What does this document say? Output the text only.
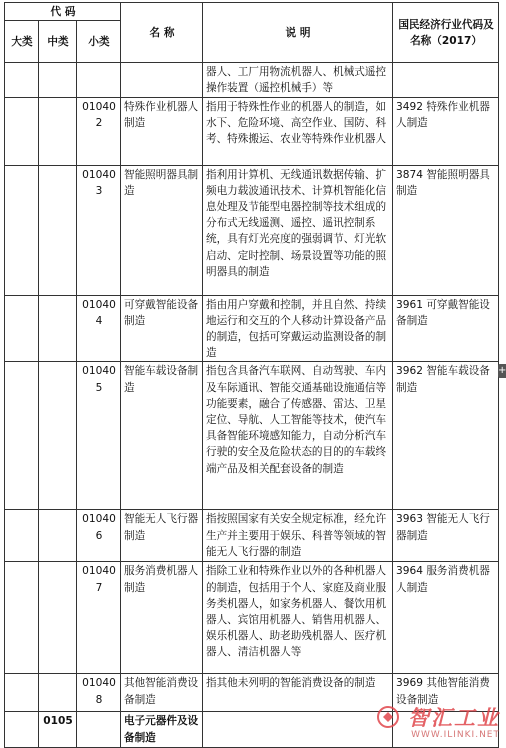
代 码			名 称	说 明	国民经济行业代码及名称（2017）
大类	中类	小类			
				器人、工厂用物流机器人、机械式遥控操作装置（遥控机械手）等	
		010402	特殊作业机器人制造	指用于特殊性作业的机器人的制造，如水下、危险环境、高空作业、国防、科考、特殊搬运、农业等特殊作业机器人	3492 特殊作业机器人制造
		010403	智能照明器具制造	指利用计算机、无线通讯数据传输、扩频电力载波通讯技术、计算机智能化信息处理及节能型电器控制等技术组成的分布式无线遥测、遥控、遥讯控制系统，具有灯光亮度的强弱调节、灯光软启动、定时控制、场景设置等功能的照明器具的制造	3874 智能照明器具制造
		010404	可穿戴智能设备制造	指由用户穿戴和控制，并且自然、持续地运行和交互的个人移动计算设备产品的制造，包括可穿戴运动监测设备的制造	3961 可穿戴智能设备制造
		010405	智能车载设备制造	指包含具备汽车联网、自动驾驶、车内及车际通讯、智能交通基础设施通信等功能要素，融合了传感器、雷达、卫星定位、导航、人工智能等技术，使汽车具备智能环境感知能力，自动分析汽车行驶的安全及危险状态的目的的车载终端产品及相关配套设备的制造	3962 智能车载设备制造
		010406	智能无人飞行器制造	指按照国家有关安全规定标准，经允许生产并主要用于娱乐、科普等领域的智能无人飞行器的制造	3963 智能无人飞行器制造
		010407	服务消费机器人制造	指除工业和特殊作业以外的各种机器人的制造，包括用于个人、家庭及商业服务类机器人，如家务机器人、餐饮用机器人、宾馆用机器人、销售用机器人、娱乐机器人、助老助残机器人、医疗机器人、清洁机器人等	3964 服务消费机器人制造
		010408	其他智能消费设备制造	指其他未列明的智能消费设备的制造	3969 其他智能消费设备制造
	0105		电子元器件及设备制造		
+
智汇工业
WWW.ILINKI.NET
